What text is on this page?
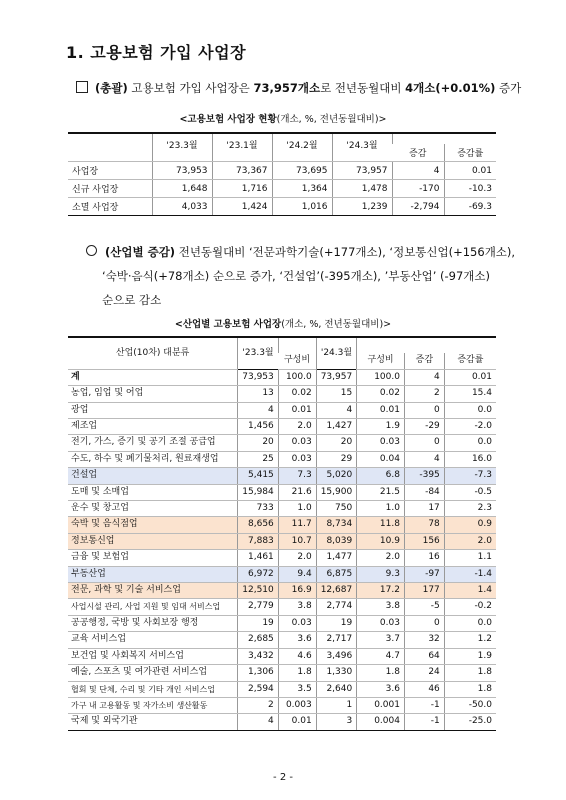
1. 고용보험 가입 사업장
(총괄) 고용보험 가입 사업장은 73,957개소로 전년동월대비 4개소(+0.01%) 증가
<고용보험 사업장 현황(개소, %, 전년동월대비)>
	'23.3월	'23.1월	'24.2월	'24.3월		
					증감	증감률
사업장	73,953	73,367	73,695	73,957	4	0.01
신규 사업장	1,648	1,716	1,364	1,478	-170	-10.3
소멸 사업장	4,033	1,424	1,016	1,239	-2,794	-69.3
(산업별 증감) 전년동월대비 ‘전문과학기술(+177개소), ‘정보통신업(+156개소),
‘숙박·음식(+78개소) 순으로 증가, ‘건설업’(-395개소), ’부동산업’ (-97개소)
순으로 감소
<산업별 고용보험 사업장(개소, %, 전년동월대비)>
산업(10차) 대분류	'23.3월		'24.3월			
		구성비		구성비	증감	증감률
계	73,953	100.0	73,957	100.0	4	0.01
농업, 임업 및 어업	13	0.02	15	0.02	2	15.4
광업	4	0.01	4	0.01	0	0.0
제조업	1,456	2.0	1,427	1.9	-29	-2.0
전기, 가스, 증기 및 공기 조절 공급업	20	0.03	20	0.03	0	0.0
수도, 하수 및 폐기물처리, 원료재생업	25	0.03	29	0.04	4	16.0
건설업	5,415	7.3	5,020	6.8	-395	-7.3
도매 및 소매업	15,984	21.6	15,900	21.5	-84	-0.5
운수 및 창고업	733	1.0	750	1.0	17	2.3
숙박 및 음식점업	8,656	11.7	8,734	11.8	78	0.9
정보통신업	7,883	10.7	8,039	10.9	156	2.0
금융 및 보험업	1,461	2.0	1,477	2.0	16	1.1
부동산업	6,972	9.4	6,875	9.3	-97	-1.4
전문, 과학 및 기술 서비스업	12,510	16.9	12,687	17.2	177	1.4
사업시설 관리, 사업 지원 및 임대 서비스업	2,779	3.8	2,774	3.8	-5	-0.2
공공행정, 국방 및 사회보장 행정	19	0.03	19	0.03	0	0.0
교육 서비스업	2,685	3.6	2,717	3.7	32	1.2
보건업 및 사회복지 서비스업	3,432	4.6	3,496	4.7	64	1.9
예술, 스포츠 및 여가관련 서비스업	1,306	1.8	1,330	1.8	24	1.8
협회 및 단체, 수리 및 기타 개인 서비스업	2,594	3.5	2,640	3.6	46	1.8
가구 내 고용활동 및 자가소비 생산활동	2	0.003	1	0.001	-1	-50.0
국제 및 외국기관	4	0.01	3	0.004	-1	-25.0
- 2 -
